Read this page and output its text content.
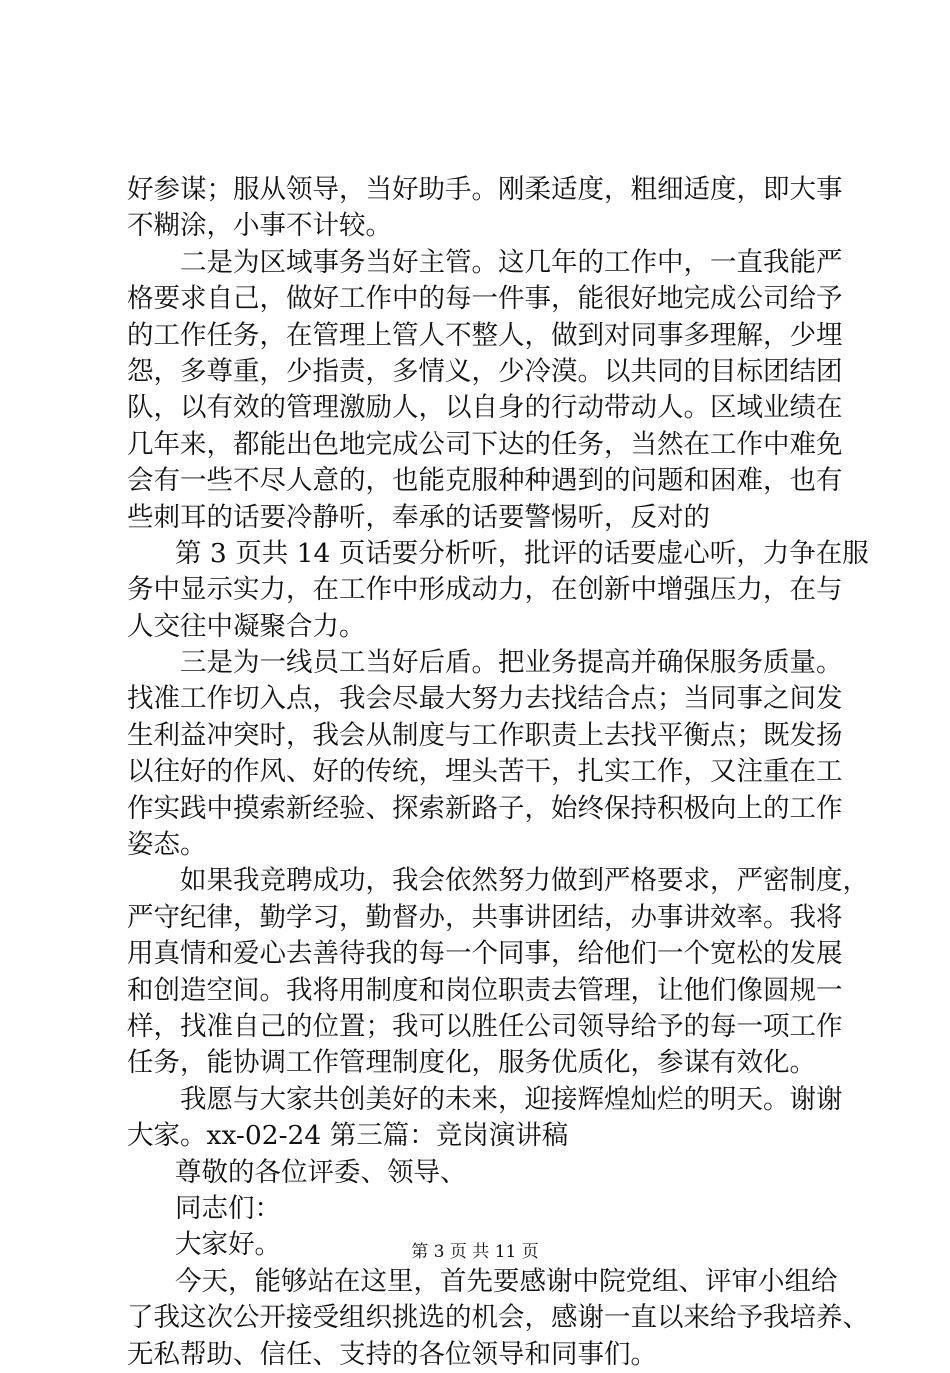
好参谋；服从领导，当好助手。刚柔适度，粗细适度，即大事
不糊涂，小事不计较。
二是为区域事务当好主管。这几年的工作中，一直我能严
格要求自己，做好工作中的每一件事，能很好地完成公司给予
的工作任务，在管理上管人不整人，做到对同事多理解，少埋
怨，多尊重，少指责，多情义，少冷漠。以共同的目标团结团
队，以有效的管理激励人，以自身的行动带动人。区域业绩在
几年来，都能出色地完成公司下达的任务，当然在工作中难免
会有一些不尽人意的，也能克服种种遇到的问题和困难，也有
些刺耳的话要冷静听，奉承的话要警惕听，反对的
第 3 页共 14 页话要分析听，批评的话要虚心听，力争在服
务中显示实力，在工作中形成动力，在创新中增强压力，在与
人交往中凝聚合力。
三是为一线员工当好后盾。把业务提高并确保服务质量。
找准工作切入点，我会尽最大努力去找结合点；当同事之间发
生利益冲突时，我会从制度与工作职责上去找平衡点；既发扬
以往好的作风、好的传统，埋头苦干，扎实工作，又注重在工
作实践中摸索新经验、探索新路子，始终保持积极向上的工作
姿态。
如果我竞聘成功，我会依然努力做到严格要求，严密制度，
严守纪律，勤学习，勤督办，共事讲团结，办事讲效率。我将
用真情和爱心去善待我的每一个同事，给他们一个宽松的发展
和创造空间。我将用制度和岗位职责去管理，让他们像圆规一
样，找准自己的位置；我可以胜任公司领导给予的每一项工作
任务，能协调工作管理制度化，服务优质化，参谋有效化。
我愿与大家共创美好的未来，迎接辉煌灿烂的明天。谢谢
大家。xx-02-24 第三篇：竞岗演讲稿
尊敬的各位评委、领导、
同志们：
大家好。
今天，能够站在这里，首先要感谢中院党组、评审小组给
了我这次公开接受组织挑选的机会，感谢一直以来给予我培养、
无私帮助、信任、支持的各位领导和同事们。
第 3 页 共 11 页
